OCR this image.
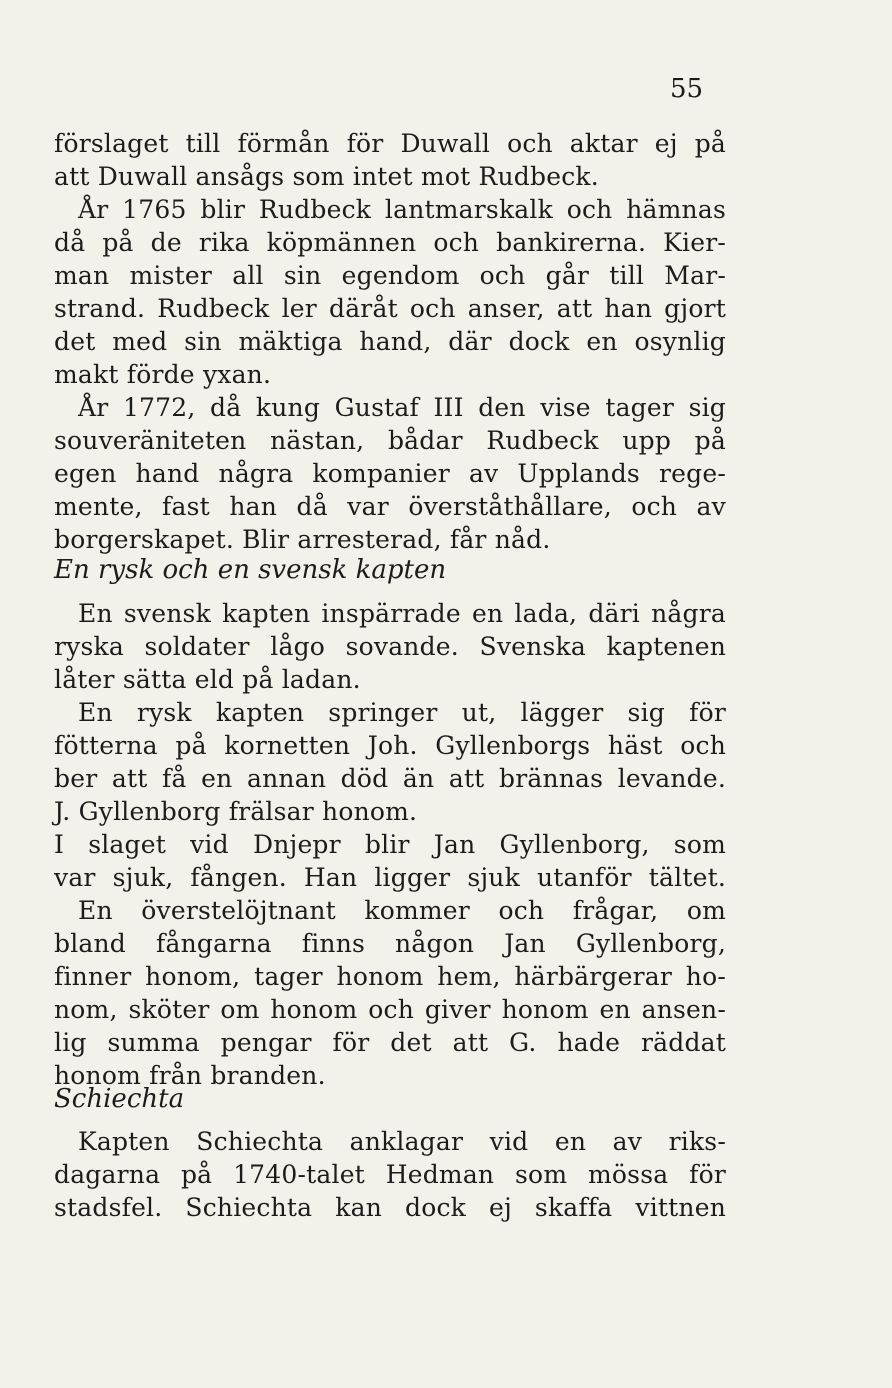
55
förslaget till förmån för Duwall och aktar ej på
att Duwall ansågs som intet mot Rudbeck.
År 1765 blir Rudbeck lantmarskalk och hämnas
då på de rika köpmännen och bankirerna. Kier-
man mister all sin egendom och går till Mar-
strand. Rudbeck ler däråt och anser, att han gjort
det med sin mäktiga hand, där dock en osynlig
makt förde yxan.
År 1772, då kung Gustaf III den vise tager sig
souveräniteten nästan, bådar Rudbeck upp på
egen hand några kompanier av Upplands rege-
mente, fast han då var överståthållare, och av
borgerskapet. Blir arresterad, får nåd.
En rysk och en svensk kapten
En svensk kapten inspärrade en lada, däri några
ryska soldater lågo sovande. Svenska kaptenen
låter sätta eld på ladan.
En rysk kapten springer ut, lägger sig för
fötterna på kornetten Joh. Gyllenborgs häst och
ber att få en annan död än att brännas levande.
J. Gyllenborg frälsar honom.
I slaget vid Dnjepr blir Jan Gyllenborg, som
var sjuk, fången. Han ligger sjuk utanför tältet.
En överstelöjtnant kommer och frågar, om
bland fångarna finns någon Jan Gyllenborg,
finner honom, tager honom hem, härbärgerar ho-
nom, sköter om honom och giver honom en ansen-
lig summa pengar för det att G. hade räddat
honom från branden.
Schiechta
Kapten Schiechta anklagar vid en av riks-
dagarna på 1740-talet Hedman som mössa för
stadsfel. Schiechta kan dock ej skaffa vittnen
